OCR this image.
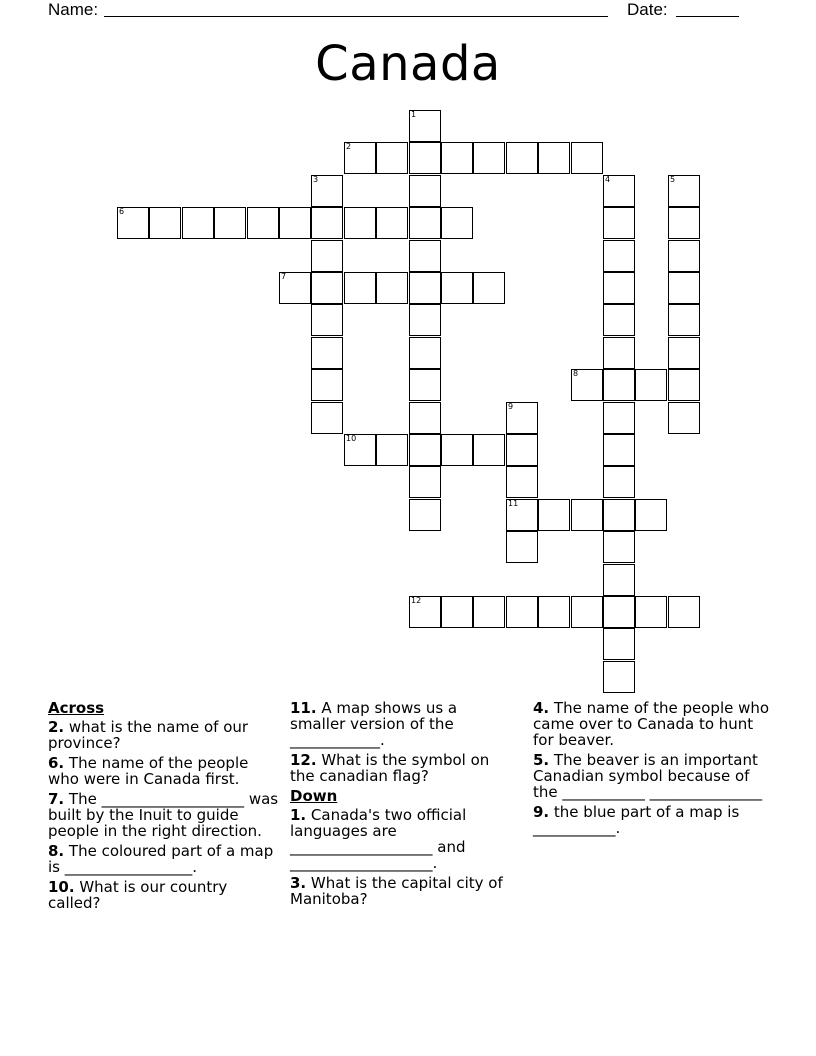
Name:	Date:
Canada
1
2
3	4	5
6
7
8
9
10
11
12
Across
2. what is the name of our province?
6. The name of the people who were in Canada first.
7. The ___________________ was built by the Inuit to guide people in the right direction.
8. The coloured part of a map is _________________.
10. What is our country called?
11. A map shows us a smaller version of the ____________.
12. What is the symbol on the canadian flag?
Down
1. Canada's two official languages are ___________________ and ___________________.
3. What is the capital city of Manitoba?
4. The name of the people who came over to Canada to hunt for beaver.
5. The beaver is an important Canadian symbol because of the ___________ _______________
9. the blue part of a map is ___________.
